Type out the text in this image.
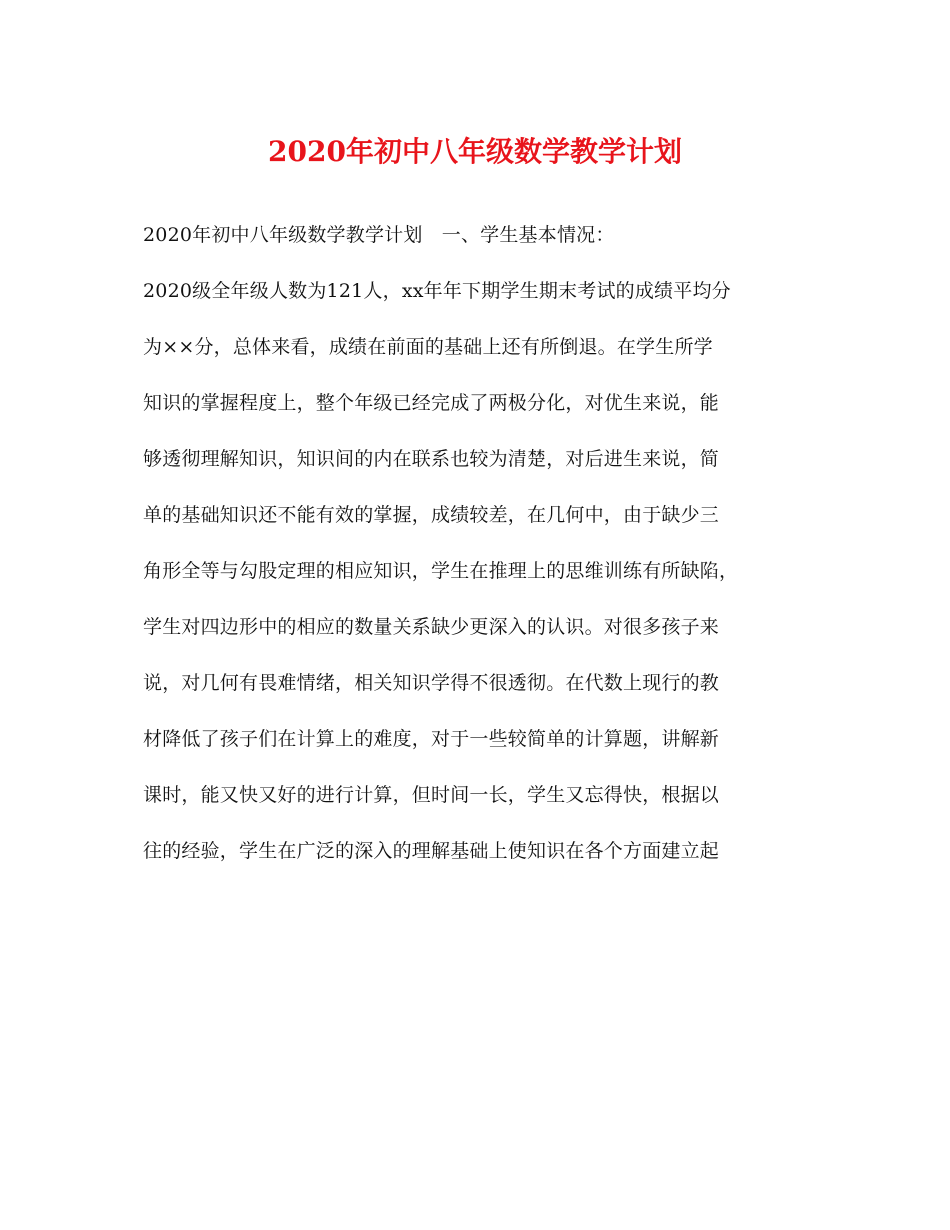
2020年初中八年级数学教学计划
2020年初中八年级数学教学计划　一、学生基本情况：
2020级全年级人数为121人，xx年年下期学生期末考试的成绩平均分
为××分，总体来看，成绩在前面的基础上还有所倒退。在学生所学
知识的掌握程度上，整个年级已经完成了两极分化，对优生来说，能
够透彻理解知识，知识间的内在联系也较为清楚，对后进生来说，简
单的基础知识还不能有效的掌握，成绩较差，在几何中，由于缺少三
角形全等与勾股定理的相应知识，学生在推理上的思维训练有所缺陷，
学生对四边形中的相应的数量关系缺少更深入的认识。对很多孩子来
说，对几何有畏难情绪，相关知识学得不很透彻。在代数上现行的教
材降低了孩子们在计算上的难度，对于一些较简单的计算题，讲解新
课时，能又快又好的进行计算，但时间一长，学生又忘得快，根据以
往的经验，学生在广泛的深入的理解基础上使知识在各个方面建立起
